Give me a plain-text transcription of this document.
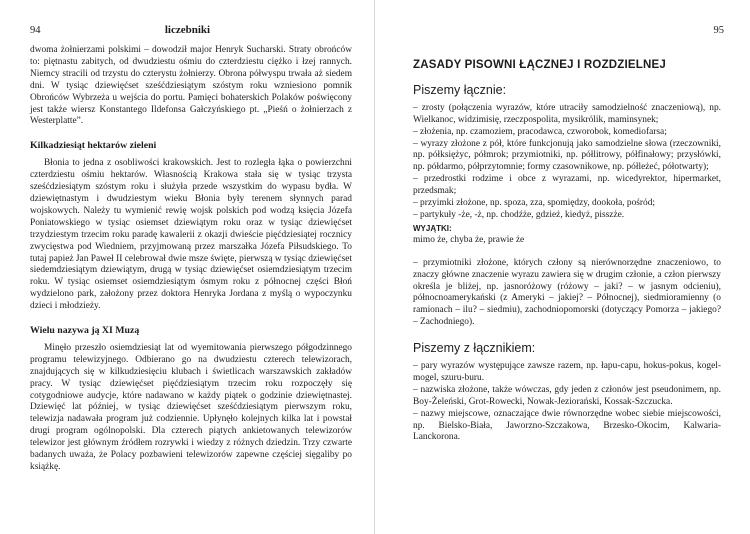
94	liczebniki

dwoma żołnierzami polskimi – dowodził major Henryk Sucharski. Straty obrońców to: piętnastu zabitych, od dwudziestu ośmiu do czterdziestu ciężko i łzej rannych. Niemcy stracili od trzystu do czterystu żołnierzy. Obrona półwyspu trwała aż siedem dni. W tysiąc dziewięćset sześćdziesiątym szóstym roku wzniesiono pomnik Obrońców Wybrzeża u wejścia do portu. Pamięci bohaterskich Polaków poświęcony jest także wiersz Konstantego Ildefonsa Gałczyńskiego pt. „Pieśń o żołnierzach z Westerplatte”.

Kilkadziesiąt hektarów zieleni

Błonia to jedna z osobliwości krakowskich. Jest to rozległa łąka o powierzchni czterdziestu ośmiu hektarów. Własnością Krakowa stała się w tysiąc trzysta sześćdziesiątym szóstym roku i służyła przede wszystkim do wypasu bydła. W dziewiętnastym i dwudziestym wieku Błonia były terenem słynnych parad wojskowych. Należy tu wymienić rewię wojsk polskich pod wodzą księcia Józefa Poniatowskiego w tysiąc osiemset dziewiątym roku oraz w tysiąc dziewięćset trzydziestym trzecim roku paradę kawalerii z okazji dwieście pięćdziesiątej rocznicy zwycięstwa pod Wiedniem, przyjmowaną przez marszałka Józefa Piłsudskiego. To tutaj papież Jan Paweł II celebrował dwie msze święte, pierwszą w tysiąc dziewięćset siedemdziesiątym dziewiątym, drugą w tysiąc dziewięćset osiemdziesiątym trzecim roku. W tysiąc osiemset osiemdziesiątym ósmym roku z północnej części Błoń wydzielono park, założony przez doktora Henryka Jordana z myślą o wypoczynku dzieci i młodzieży.

Wielu nazywa ją XI Muzą

Minęło przeszło osiemdziesiąt lat od wyemitowania pierwszego półgodzinnego programu telewizyjnego. Odbierano go na dwudziestu czterech telewizorach, znajdujących się w kilkudziesięciu klubach i świetlicach warszawskich zakładów pracy. W tysiąc dziewięćset pięćdziesiątym trzecim roku rozpoczęły się cotygodniowe audycje, które nadawano w każdy piątek o godzinie dziewiętnastej. Dziewięć lat później, w tysiąc dziewięćset sześćdziesiątym pierwszym roku, telewizja nadawała program już codziennie. Upłynęło kolejnych kilka lat i powstał drugi program ogólnopolski. Dla czterech piątych ankietowanych telewizorów telewizor jest głównym źródłem rozrywki i wiedzy z różnych dziedzin. Trzy czwarte badanych uważa, że Polacy pozbawieni telewizorów zapewne częściej sięgaliby po książkę.

95
ZASADY PISOWNI ŁĄCZNEJ I ROZDZIELNEJ
Piszemy łącznie:

– zrosty (połączenia wyrazów, które utraciły samodzielność znaczeniową), np. Wielkanoc, widzimisię, rzeczpospolita, mysikrólik, maminsynek;

– złożenia, np. czamoziem, pracodawca, czworobok, komediofarsa;

– wyrazy złożone z pół, które funkcjonują jako samodzielne słowa (rzeczowniki, np. półksiężyc, półmrok; przymiotniki, np. półlitrowy, półfinałowy; przysłówki, np. półdarmo, półprzytomnie; formy czasownikowe, np. półleżeć, półotwarty);

– przedrostki rodzime i obce z wyrazami, np. wicedyrektor, hipermarket, przedsmak;

– przyimki złożone, np. spoza, zza, spomiędzy, dookoła, pośród;

– partykuły -że, -ż, np. chodźże, gdzież, kiedyż, pisszże.

WYJĄTKI:

mimo że, chyba że, prawie że

– przymiotniki złożone, których człony są nierównorzędne znaczeniowo, to znaczy główne znaczenie wyrazu zawiera się w drugim członie, a człon pierwszy określa je bliżej, np. jasnoróżowy (różowy – jaki? – w jasnym odcieniu), północnoamerykański (z Ameryki – jakiej? – Północnej), siedmioramienny (o ramionach – ilu? – siedmiu), zachodniopomorski (dotyczący Pomorza – jakiego? – Zachodniego).

Piszemy z łącznikiem:

– pary wyrazów występujące zawsze razem, np. łapu-capu, hokus-pokus, kogel-mogel, szuru-buru.

– nazwiska złożone, także wówczas, gdy jeden z członów jest pseudonimem, np. Boy-Żeleński, Grot-Rowecki, Nowak-Jeziorański, Kossak-Szczucka.

– nazwy miejscowe, oznaczające dwie równorzędne wobec siebie miejscowości, np. Bielsko-Biała, Jaworzno-Szczakowa, Brzesko-Okocim, Kalwaria-Lanckorona.
